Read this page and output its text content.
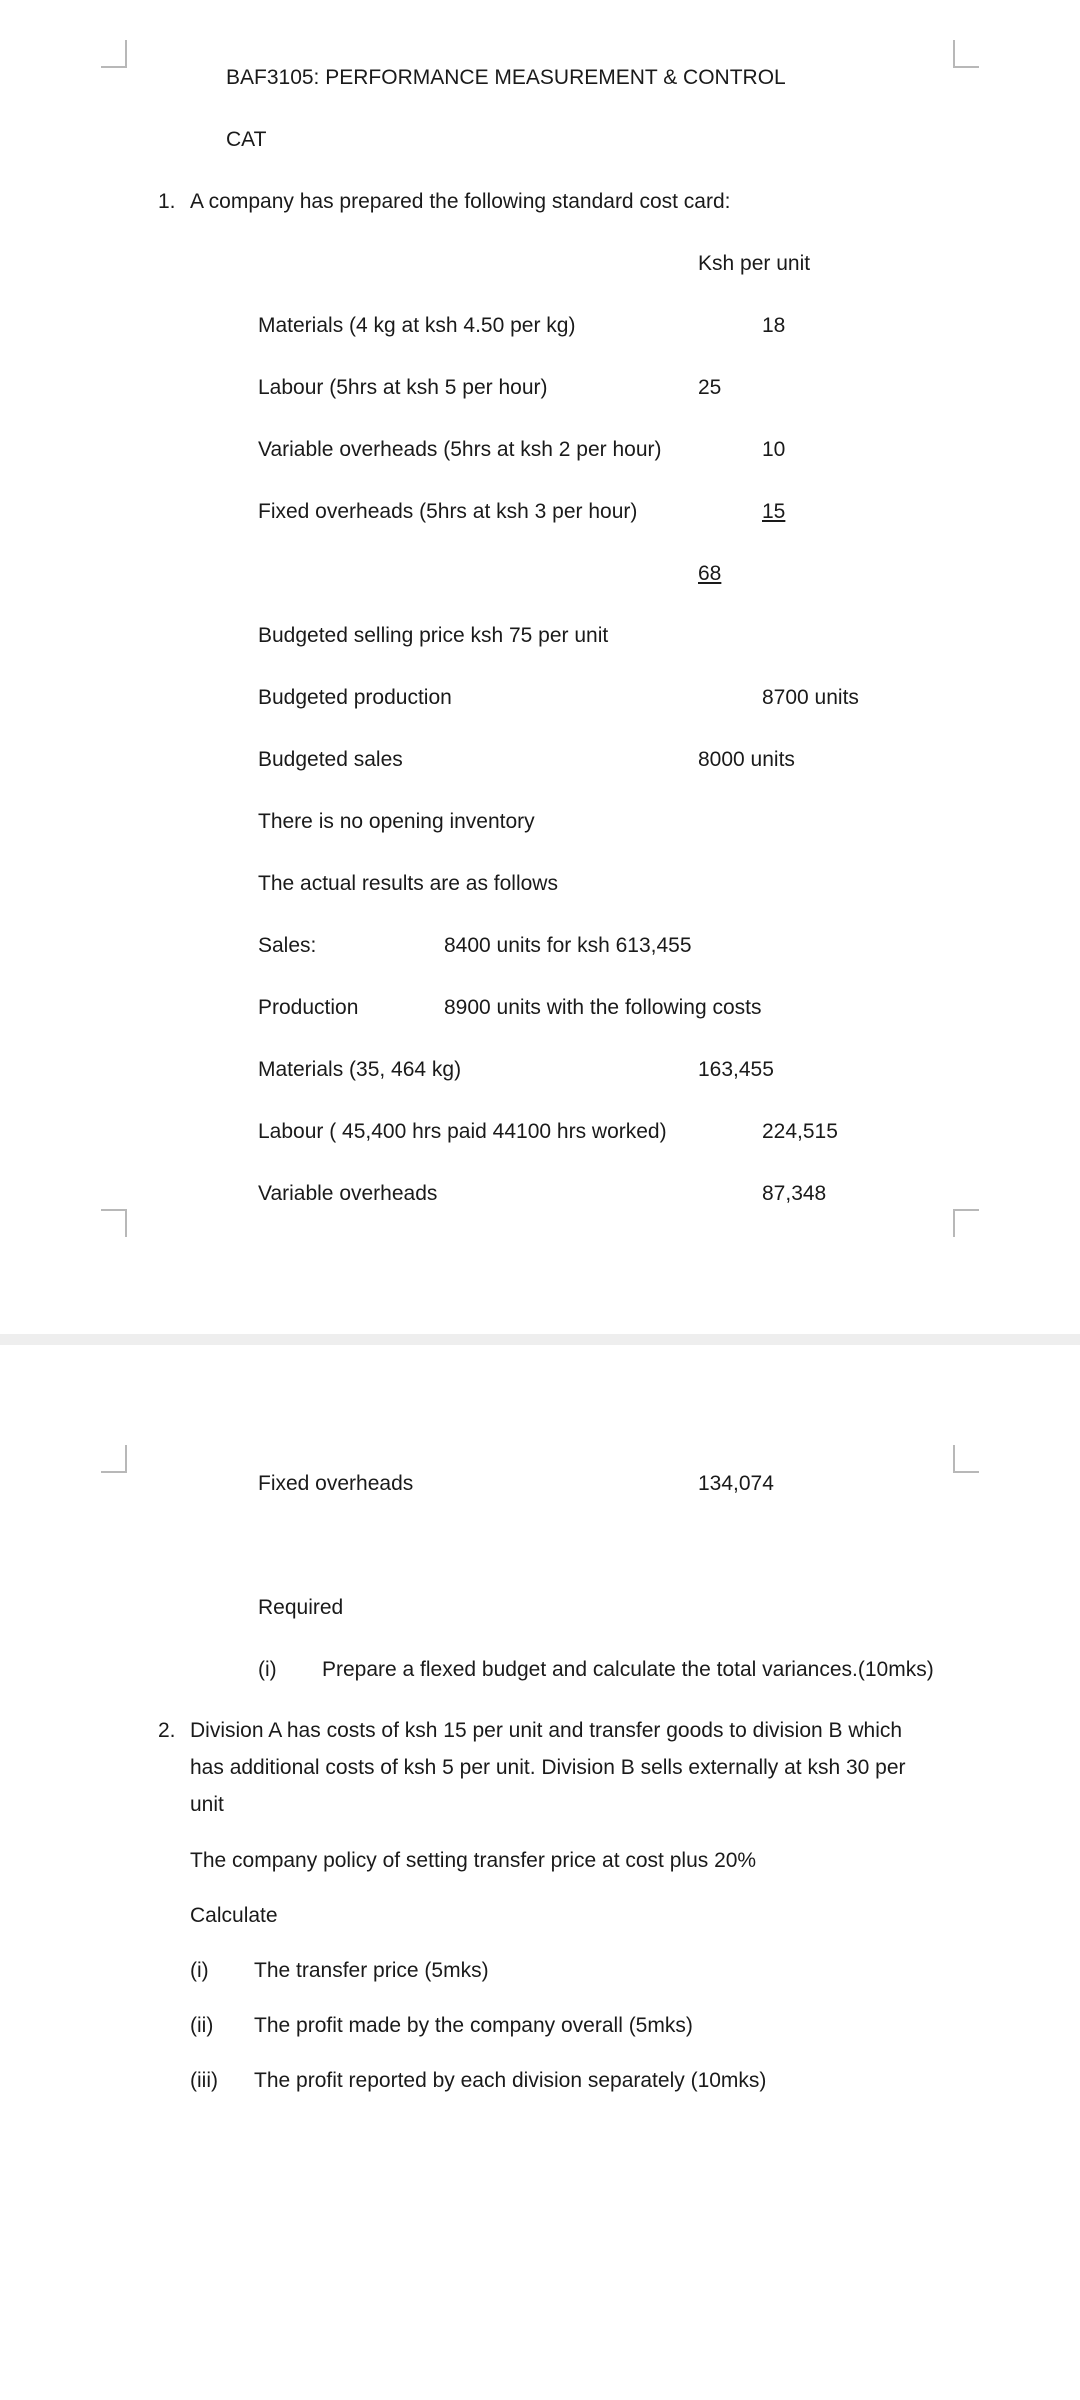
BAF3105: PERFORMANCE MEASUREMENT & CONTROL
CAT
1. A company has prepared the following standard cost card:
Ksh per unit
Materials (4 kg at ksh 4.50 per kg)	18
Labour (5hrs at ksh 5 per hour)	25
Variable overheads (5hrs at ksh 2 per hour)	10
Fixed overheads (5hrs at ksh 3 per hour)	15
68
Budgeted selling price ksh 75 per unit
Budgeted production	8700 units
Budgeted sales	8000 units
There is no opening inventory
The actual results are as follows
Sales:	8400 units for ksh 613,455
Production	8900 units with the following costs
Materials (35, 464 kg)	163,455
Labour ( 45,400 hrs paid 44100 hrs worked)	224,515
Variable overheads	87,348
Fixed overheads	134,074
Required
(i) Prepare a flexed budget and calculate the total variances.(10mks)
2. Division A has costs of ksh 15 per unit and transfer goods to division B which has additional costs of ksh 5 per unit. Division B sells externally at ksh 30 per unit
The company policy of setting transfer price at cost plus 20%
Calculate
(i) The transfer price (5mks)
(ii) The profit made by the company overall (5mks)
(iii) The profit reported by each division separately (10mks)
